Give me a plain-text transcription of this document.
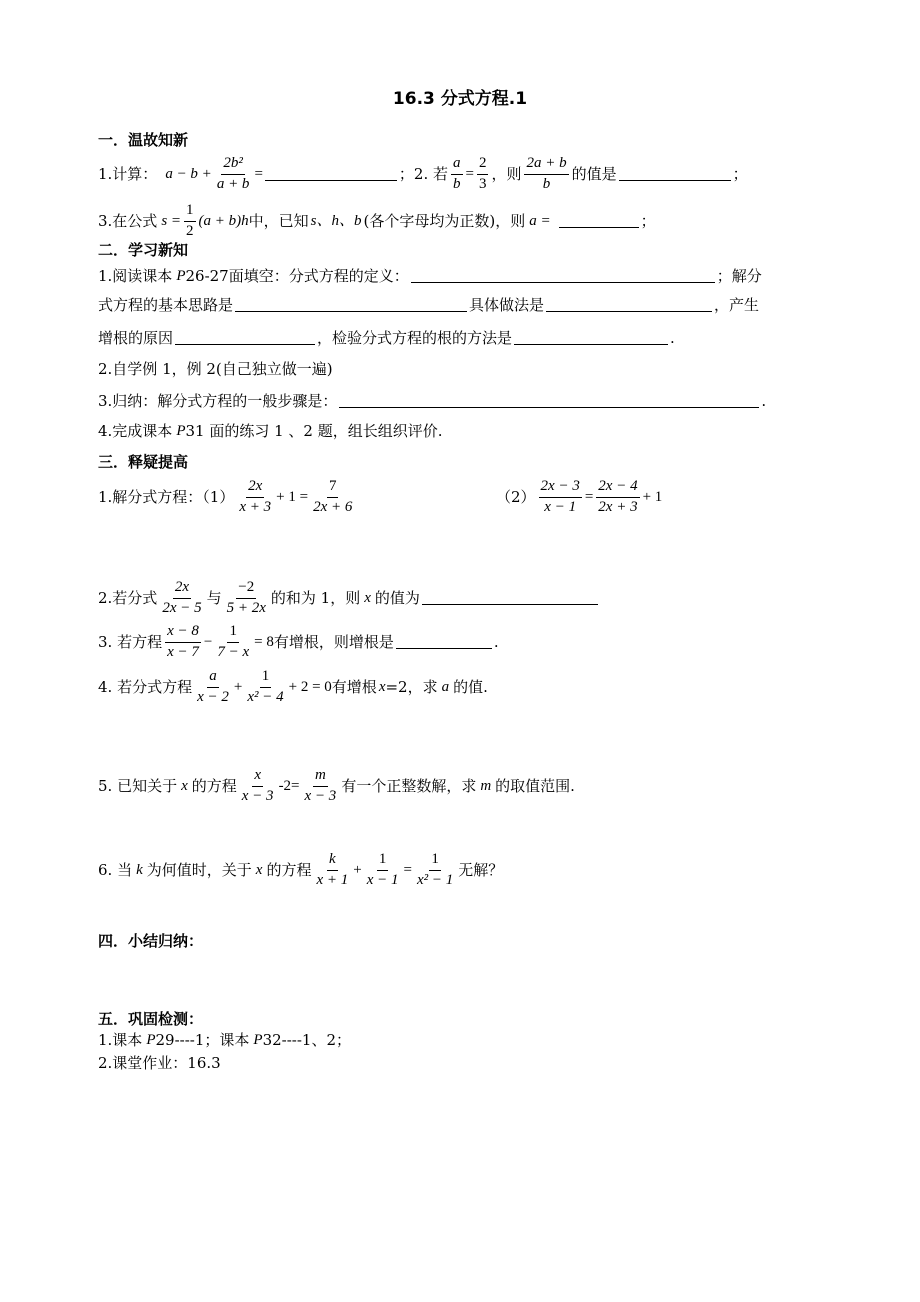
16.3 分式方程.1
一．温故知新
1.计算： $a - b + \frac{\text{2b²}}{a + b}$ =	；2. 若 $\frac{a}{b} = \frac{2}{3}$ ，则
2a + b
b
的值是	；
3.在公式 $s = \frac{1}{2} (a + b)h$ 中，已知 s、h、b (各个字母均为正数)，则 a =	；
二．学习新知
1.阅读课本 P 26-27面填空：分式方程的定义：	；解分
式方程的基本思路是	具体做法是	，产生
增根的原因	，检验分式方程的根的方法是	.
2.自学例 1，例 2(自己独立做一遍)
3.归纳：解分式方程的一般步骤是：	.
4.完成课本 P 31 面的练习 1 、2 题，组长组织评价.
三．释疑提高
1.解分式方程：（1）
2x
x + 3
+ $1 = \frac{7}{2x + 6}$	$(2) \frac{2x - 3}{x - 1} = \frac{2x - 4}{2x + 3} + 1$
2.若分式
2x
2x − 5
与
−2
5 + 2x
的和为 1，则 x 的值为
3. 若方程
x − 8
x − 7
− $\frac{1}{7 - x} = 8$ 有增根，则增根是	.
4. 若分式方程
a
x − 2
+ $\frac{1}{\text{x² − 4}} + 2 = 0$ 有增根 x =2，求 a 的值.
5. 已知关于 x 的方程
x
x − 3
$-2= \frac{m}{x - 3}$ 有一个正整数解，求 m 的取值范围.
6. 当 k 为何值时，关于 x 的方程
k
x + 1
+ $\frac{1}{x - 1} = \frac{1}{\text{x² − 1}}$ 无解？
四．小结归纳：
五．巩固检测：
1.课本 P 29----1；课本 P 32----1、2；
2.课堂作业：16.3
